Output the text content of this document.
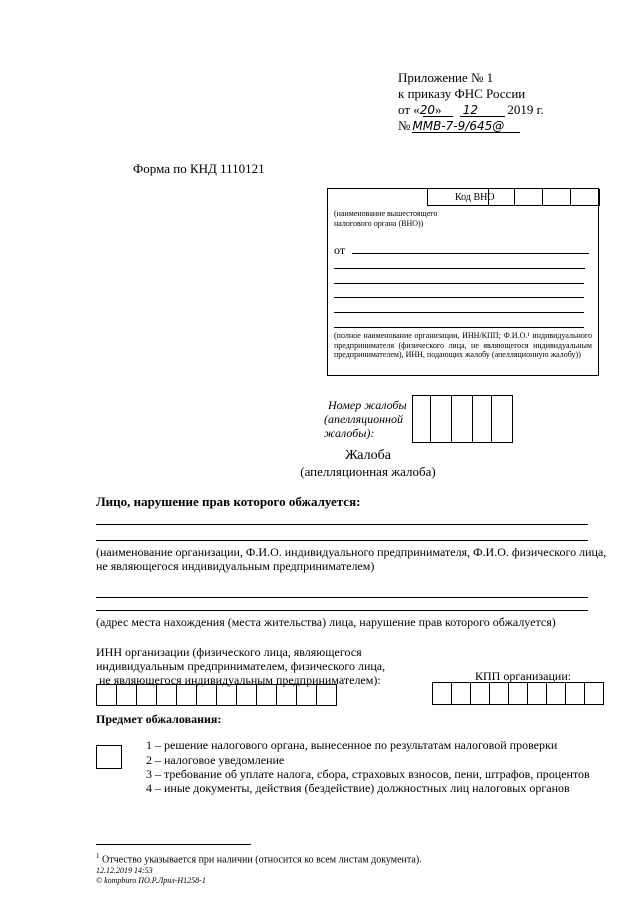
Приложение № 1
к приказу ФНС России
от «20» 12 2019 г.
№ ММВ-7-9/645@
Форма по КНД 1110121
Код ВНО
(наименование вышестоящего налогового органа (ВНО))
от
(полное наименование организации, ИНН/КПП; Ф.И.О.¹ индивидуального предпринимателя (физического лица, не являющегося индивидуальным предпринимателем), ИНН, подающих жалобу (апелляционную жалобу))
Номер жалобы
(апелляционной
жалобы):
Жалоба
(апелляционная жалоба)
Лицо, нарушение прав которого обжалуется:
(наименование организации, Ф.И.О. индивидуального предпринимателя, Ф.И.О. физического лица,
не являющегося индивидуальным предпринимателем)
(адрес места нахождения (места жительства) лица, нарушение прав которого обжалуется)
ИНН организации (физического лица, являющегося
индивидуальным предпринимателем, физического лица,
не являющегося индивидуальным предпринимателем):	КПП организации:
Предмет обжалования:
1 – решение налогового органа, вынесенное по результатам налоговой проверки
2 – налоговое уведомление
3 – требование об уплате налога, сбора, страховых взносов, пени, штрафов, процентов
4 – иные документы, действия (бездействие) должностных лиц налоговых органов
$^1$ Отчество указывается при наличии (относится ко всем листам документа).
12.12.2019 14:53
© kompburo ПО.Р.Лрнл-Н1258-1
